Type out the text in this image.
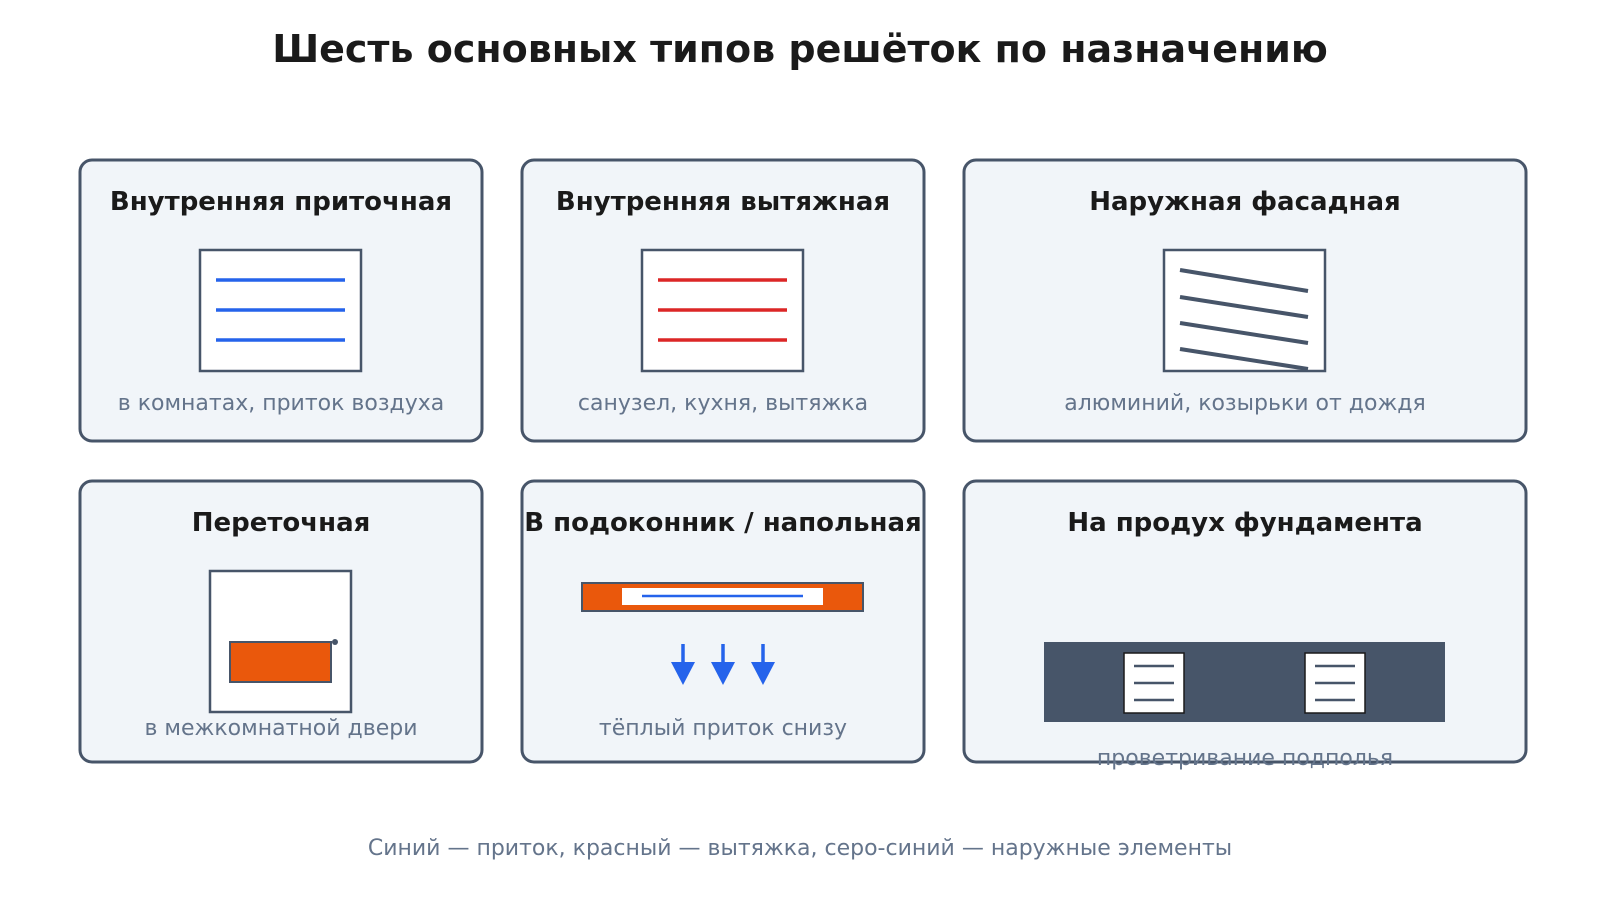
Шесть основных типов решёток по назначению
Внутренняя приточная
в комнатах, приток воздуха
Внутренняя вытяжная
санузел, кухня, вытяжка
Наружная фасадная
алюминий, козырьки от дождя
Переточная
в межкомнатной двери
В подоконник / напольная
тёплый приток снизу
На продух фундамента
проветривание подполья
Синий — приток, красный — вытяжка, серо-синий — наружные элементы
